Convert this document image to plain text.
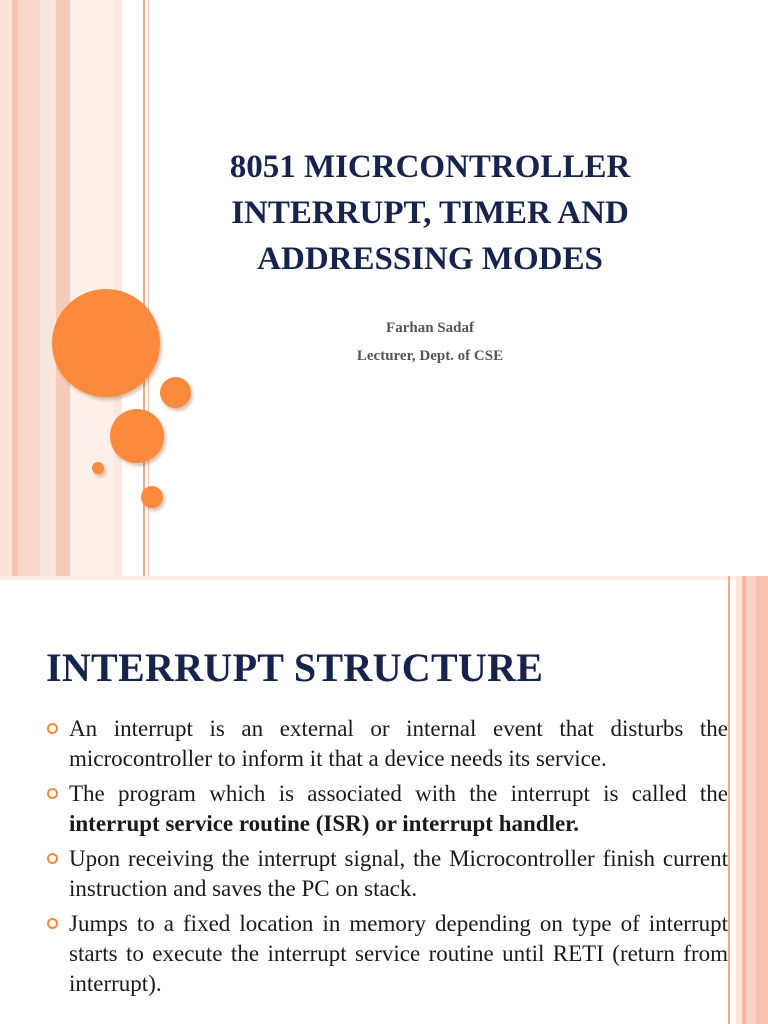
8051 MICRCONTROLLER
INTERRUPT, TIMER AND
ADDRESSING MODES
Farhan Sadaf
Lecturer, Dept. of CSE
INTERRUPT STRUCTURE
An interrupt is an external or internal event that disturbs the microcontroller to inform it that a device needs its service.
The program which is associated with the interrupt is called the interrupt service routine (ISR) or interrupt handler.
Upon receiving the interrupt signal, the Microcontroller finish current instruction and saves the PC on stack.
Jumps to a fixed location in memory depending on type of interrupt starts to execute the interrupt service routine until RETI (return from interrupt).
